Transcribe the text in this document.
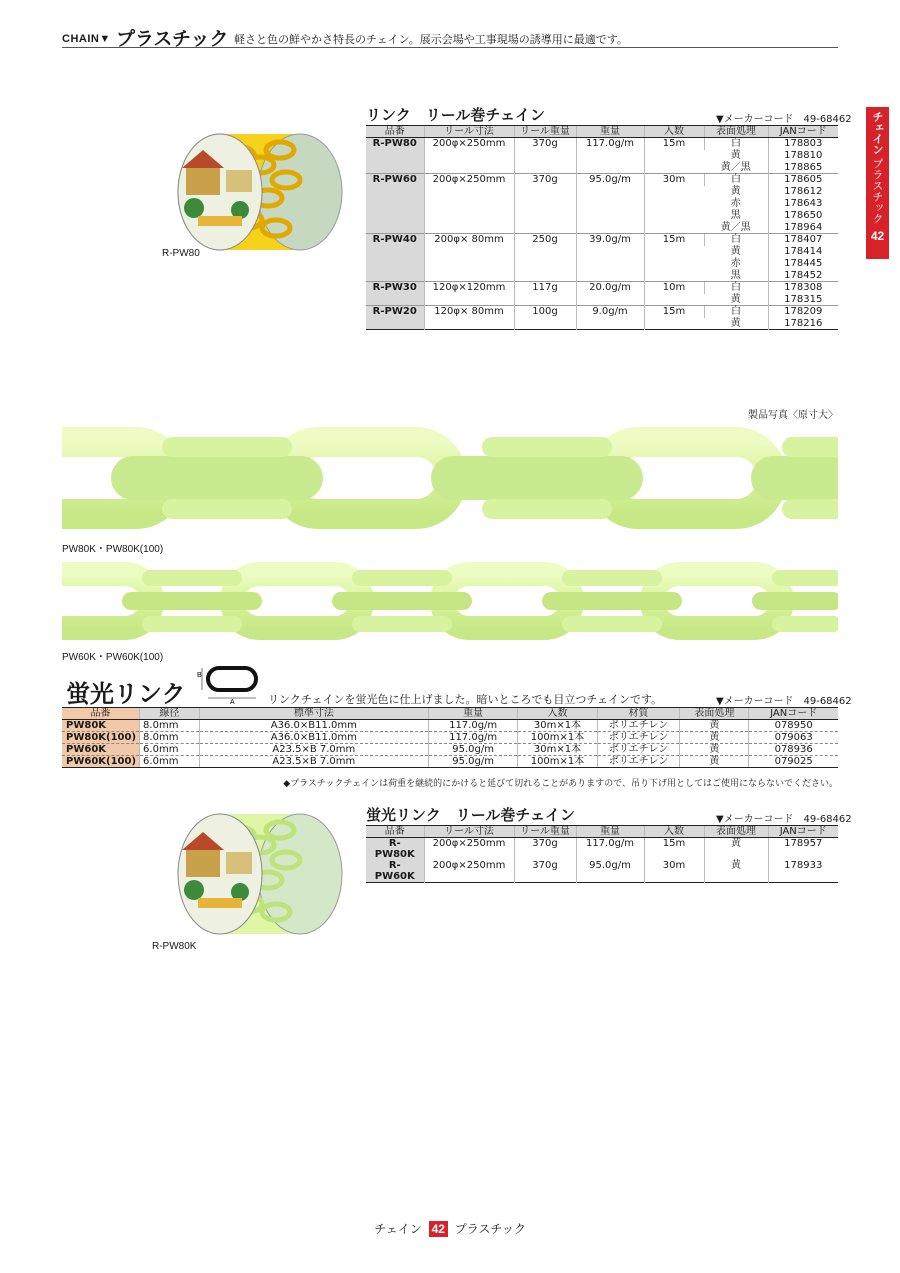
CHAIN▼ プラスチック 軽さと色の鮮やかさ特長のチェイン。展示会場や工事現場の誘導用に最適です。
チェイン
プラスチック
42
R-PW80
リンク　リール巻チェイン	▼メーカーコード　49-68462
品番	リール寸法	リール重量	重量	入数	表面処理	JANコード
R-PW80	200φ×250mm	370g	117.0g/m	15m	白	178803
					黄	178810
					黄／黒	178865
R-PW60	200φ×250mm	370g	95.0g/m	30m	白	178605
					黄	178612
					赤	178643
					黒	178650
					黄／黒	178964
R-PW40	200φ× 80mm	250g	39.0g/m	15m	白	178407
					黄	178414
					赤	178445
					黒	178452
R-PW30	120φ×120mm	117g	20.0g/m	10m	白	178308
					黄	178315
R-PW20	120φ× 80mm	100g	9.0g/m	15m	白	178209
					黄	178216
製品写真〈原寸大〉
PW80K・PW80K(100)
PW60K・PW60K(100)
蛍光リンク
B
A	リンクチェインを蛍光色に仕上げました。暗いところでも目立つチェインです。	▼メーカーコード　49-68462
品番	線径	標準寸法	重量	入数	材質	表面処理	JANコード
PW80K	8.0mm	A36.0×B11.0mm	117.0g/m	30m×1本	ポリエチレン	黄	078950
PW80K(100)	8.0mm	A36.0×B11.0mm	117.0g/m	100m×1本	ポリエチレン	黄	079063
PW60K	6.0mm	A23.5×B 7.0mm	95.0g/m	30m×1本	ポリエチレン	黄	078936
PW60K(100)	6.0mm	A23.5×B 7.0mm	95.0g/m	100m×1本	ポリエチレン	黄	079025
◆プラスチックチェインは荷重を継続的にかけると延びて切れることがありますので、吊り下げ用としてはご使用にならないでください。
R-PW80K
蛍光リンク　リール巻チェイン	▼メーカーコード　49-68462
品番	リール寸法	リール重量	重量	入数	表面処理	JANコード
R-PW80K	200φ×250mm	370g	117.0g/m	15m	黄	178957
R-PW60K	200φ×250mm	370g	95.0g/m	30m	黄	178933
チェイン 42 プラスチック
